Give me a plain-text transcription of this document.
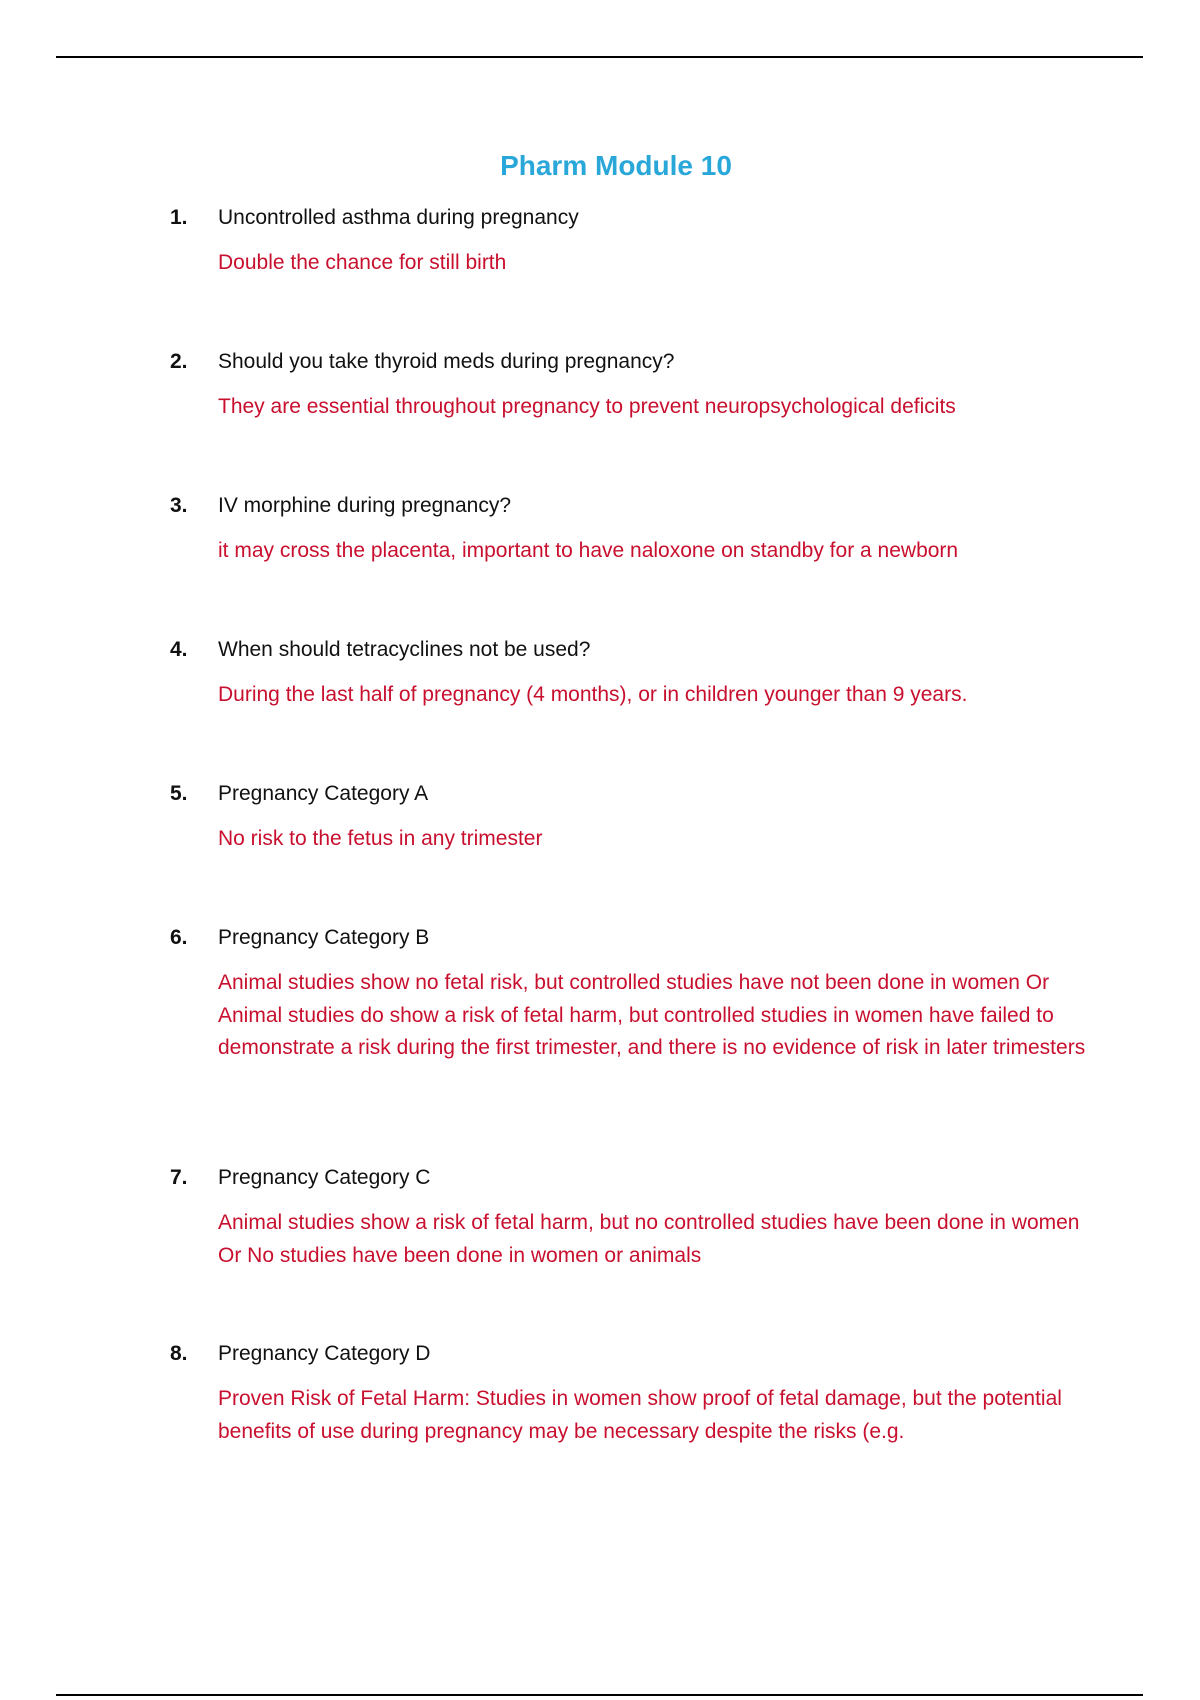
Pharm Module 10
1.	Uncontrolled asthma during pregnancy
Double the chance for still birth
2.	Should you take thyroid meds during pregnancy?
They are essential throughout pregnancy to prevent neuropsychological deficits
3.	IV morphine during pregnancy?
it may cross the placenta, important to have naloxone on standby for a newborn
4.	When should tetracyclines not be used?
During the last half of pregnancy (4 months), or in children younger than 9 years.
5.	Pregnancy Category A
No risk to the fetus in any trimester
6.	Pregnancy Category B
Animal studies show no fetal risk, but controlled studies have not been done in women Or Animal studies do show a risk of fetal harm, but controlled studies in women have failed to demonstrate a risk during the first trimester, and there is no evidence of risk in later trimesters
7.	Pregnancy Category C
Animal studies show a risk of fetal harm, but no controlled studies have been done in women Or No studies have been done in women or animals
8.	Pregnancy Category D
Proven Risk of Fetal Harm: Studies in women show proof of fetal damage, but the potential benefits of use during pregnancy may be necessary despite the risks (e.g.
